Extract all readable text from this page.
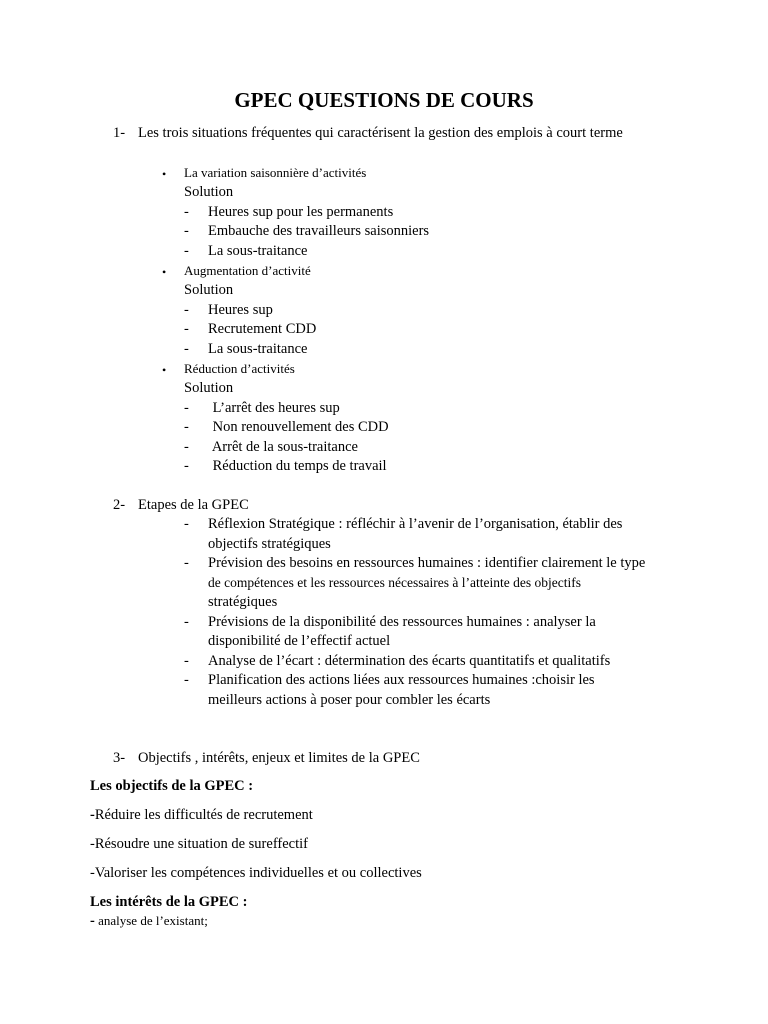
GPEC QUESTIONS DE COURS
1- Les trois situations fréquentes qui caractérisent la gestion des emplois à court terme
• La variation saisonnière d’activités
Solution
- Heures sup pour les permanents
- Embauche des travailleurs saisonniers
- La sous-traitance
• Augmentation d’activité
Solution
- Heures sup
- Recrutement CDD
- La sous-traitance
• Réduction d’activités
Solution
- L’arrêt des heures sup
- Non renouvellement des CDD
- Arrêt de la sous-traitance
- Réduction du temps de travail
2- Etapes de la GPEC
- Réflexion Stratégique : réfléchir à l’avenir de l’organisation, établir des
objectifs stratégiques
- Prévision des besoins en ressources humaines : identifier clairement le type
de compétences et les ressources nécessaires à l’atteinte des objectifs
stratégiques
- Prévisions de la disponibilité des ressources humaines : analyser la
disponibilité de l’effectif actuel
- Analyse de l’écart : détermination des écarts quantitatifs et qualitatifs
- Planification des actions liées aux ressources humaines :choisir les
meilleurs actions à poser pour combler les écarts
3- Objectifs , intérêts, enjeux et limites de la GPEC
Les objectifs de la GPEC :
-Réduire les difficultés de recrutement
-Résoudre une situation de sureffectif
-Valoriser les compétences individuelles et ou collectives
Les intérêts de la GPEC :
- analyse de l’existant;
